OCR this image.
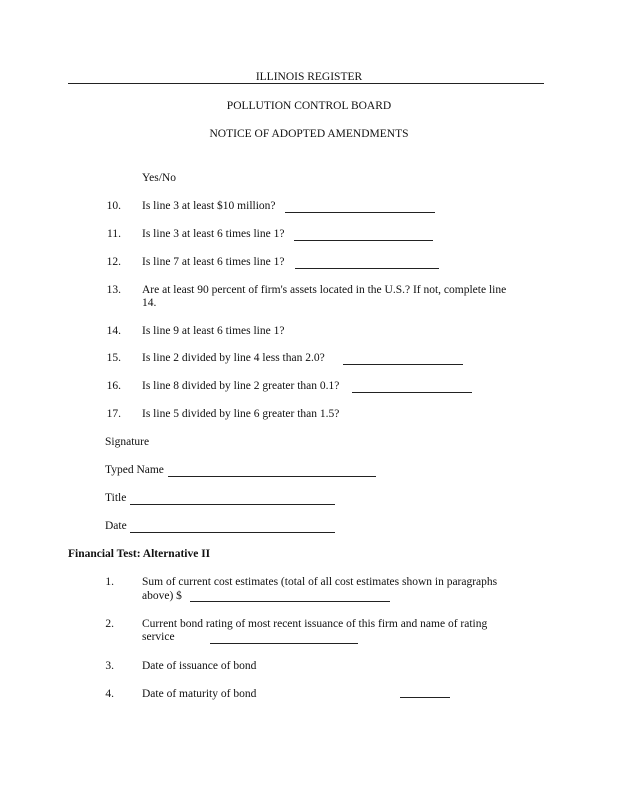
ILLINOIS REGISTER
POLLUTION CONTROL BOARD
NOTICE OF ADOPTED AMENDMENTS
Yes/No
10. Is line 3 at least $10 million?
11. Is line 3 at least 6 times line 1?
12. Is line 7 at least 6 times line 1?
13. Are at least 90 percent of firm's assets located in the U.S.? If not, complete line
14.
14. Is line 9 at least 6 times line 1?
15. Is line 2 divided by line 4 less than 2.0?
16. Is line 8 divided by line 2 greater than 0.1?
17. Is line 5 divided by line 6 greater than 1.5?
Signature
Typed Name
Title
Date
Financial Test: Alternative II
1. Sum of current cost estimates (total of all cost estimates shown in paragraphs
above) $
2. Current bond rating of most recent issuance of this firm and name of rating
service
3. Date of issuance of bond
4. Date of maturity of bond
